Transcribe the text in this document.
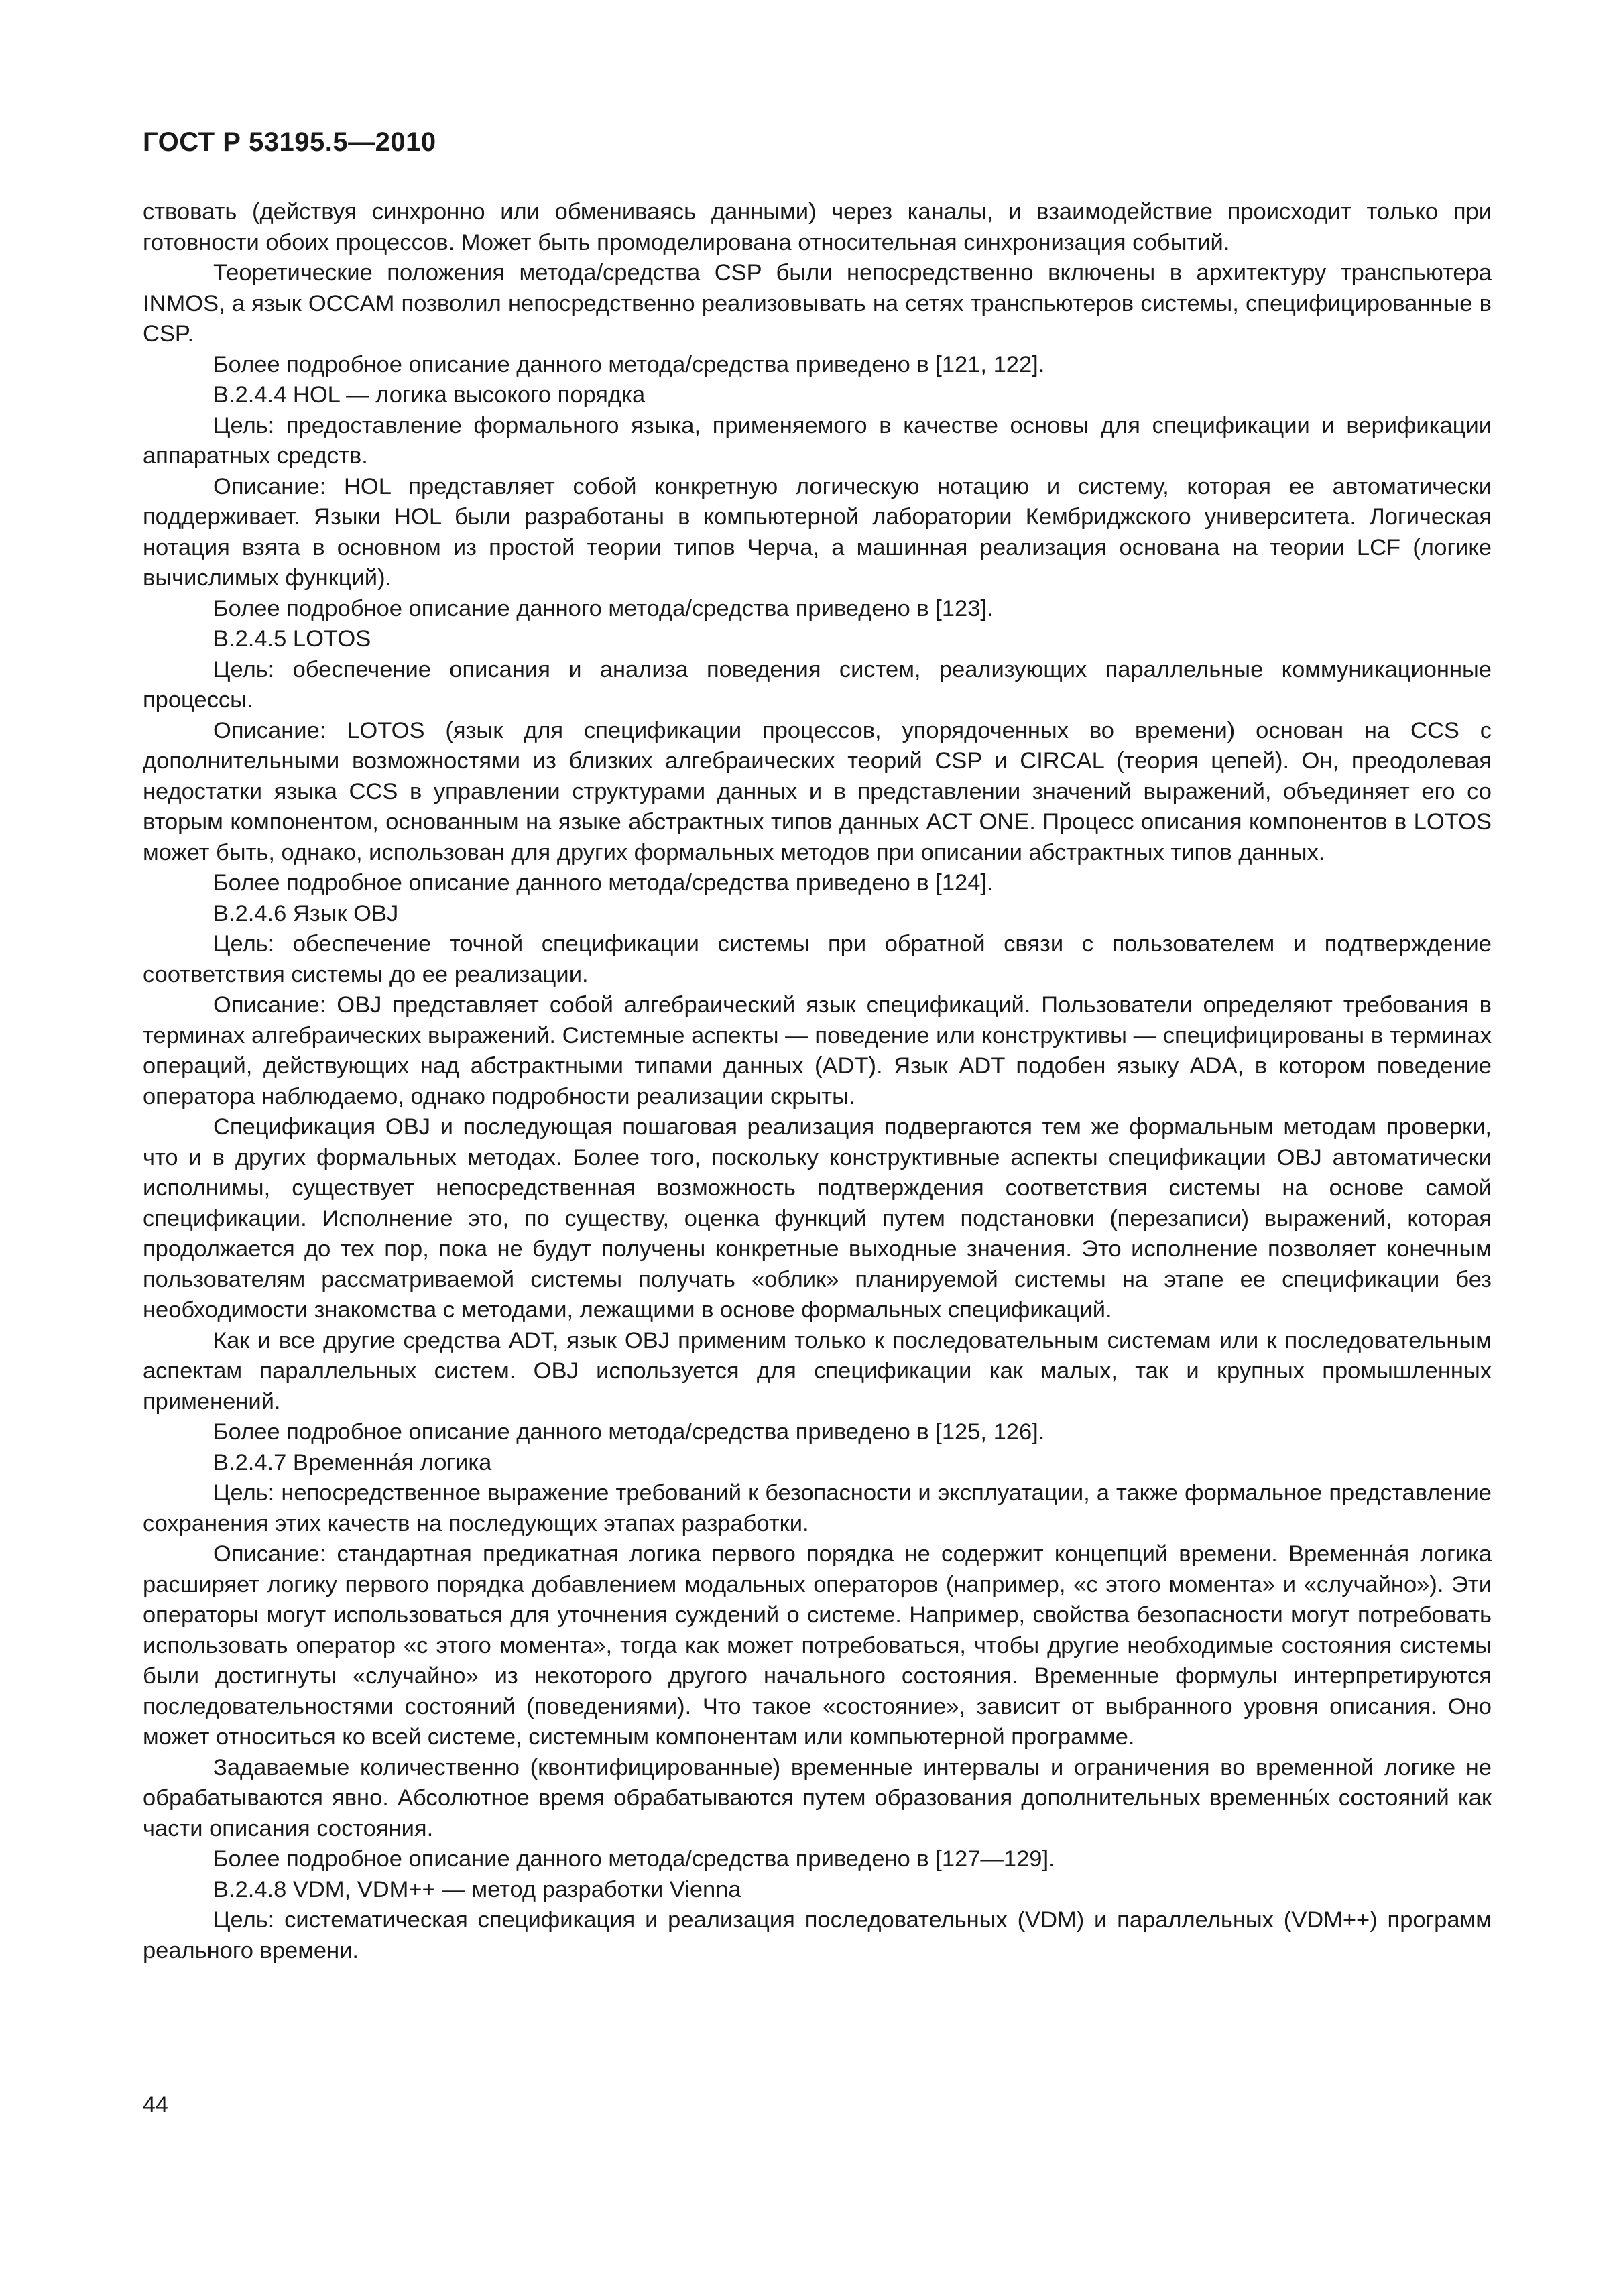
ГОСТ Р 53195.5—2010

ствовать (действуя синхронно или обмениваясь данными) через каналы, и взаимодействие происходит только при готовности обоих процессов. Может быть промоделирована относительная синхронизация событий.

Теоретические положения метода/средства CSP были непосредственно включены в архитектуру транспьютера INMOS, а язык OCCAM позволил непосредственно реализовывать на сетях транспьютеров системы, специфицированные в CSP.

Более подробное описание данного метода/средства приведено в [121, 122].

В.2.4.4 HOL — логика высокого порядка

Цель: предоставление формального языка, применяемого в качестве основы для спецификации и верификации аппаратных средств.

Описание: HOL представляет собой конкретную логическую нотацию и систему, которая ее автоматически поддерживает. Языки HOL были разработаны в компьютерной лаборатории Кембриджского университета. Логическая нотация взята в основном из простой теории типов Черча, а машинная реализация основана на теории LCF (логике вычислимых функций).

Более подробное описание данного метода/средства приведено в [123].

В.2.4.5 LOTOS

Цель: обеспечение описания и анализа поведения систем, реализующих параллельные коммуникационные процессы.

Описание: LOTOS (язык для спецификации процессов, упорядоченных во времени) основан на CCS с дополнительными возможностями из близких алгебраических теорий CSP и CIRCAL (теория цепей). Он, преодолевая недостатки языка CCS в управлении структурами данных и в представлении значений выражений, объединяет его со вторым компонентом, основанным на языке абстрактных типов данных ACT ONE. Процесс описания компонентов в LOTOS может быть, однако, использован для других формальных методов при описании абстрактных типов данных.

Более подробное описание данного метода/средства приведено в [124].

В.2.4.6 Язык OBJ

Цель: обеспечение точной спецификации системы при обратной связи с пользователем и подтверждение соответствия системы до ее реализации.

Описание: OBJ представляет собой алгебраический язык спецификаций. Пользователи определяют требования в терминах алгебраических выражений. Системные аспекты — поведение или конструктивы — специфицированы в терминах операций, действующих над абстрактными типами данных (ADT). Язык ADT подобен языку ADA, в котором поведение оператора наблюдаемо, однако подробности реализации скрыты.

Спецификация OBJ и последующая пошаговая реализация подвергаются тем же формальным методам проверки, что и в других формальных методах. Более того, поскольку конструктивные аспекты спецификации OBJ автоматически исполнимы, существует непосредственная возможность подтверждения соответствия системы на основе самой спецификации. Исполнение это, по существу, оценка функций путем подстановки (перезаписи) выражений, которая продолжается до тех пор, пока не будут получены конкретные выходные значения. Это исполнение позволяет конечным пользователям рассматриваемой системы получать «облик» планируемой системы на этапе ее спецификации без необходимости знакомства с методами, лежащими в основе формальных спецификаций.

Как и все другие средства ADT, язык OBJ применим только к последовательным системам или к последовательным аспектам параллельных систем. OBJ используется для спецификации как малых, так и крупных промышленных применений.

Более подробное описание данного метода/средства приведено в [125, 126].

В.2.4.7 Временна́я логика

Цель: непосредственное выражение требований к безопасности и эксплуатации, а также формальное представление сохранения этих качеств на последующих этапах разработки.

Описание: стандартная предикатная логика первого порядка не содержит концепций времени. Временна́я логика расширяет логику первого порядка добавлением модальных операторов (например, «с этого момента» и «случайно»). Эти операторы могут использоваться для уточнения суждений о системе. Например, свойства безопасности могут потребовать использовать оператор «с этого момента», тогда как может потребоваться, чтобы другие необходимые состояния системы были достигнуты «случайно» из некоторого другого начального состояния. Временные формулы интерпретируются последовательностями состояний (поведениями). Что такое «состояние», зависит от выбранного уровня описания. Оно может относиться ко всей системе, системным компонентам или компьютерной программе.

Задаваемые количественно (квонтифицированные) временные интервалы и ограничения во временной логике не обрабатываются явно. Абсолютное время обрабатываются путем образования дополнительных временны́х состояний как части описания состояния.

Более подробное описание данного метода/средства приведено в [127—129].

В.2.4.8 VDM, VDM++ — метод разработки Vienna

Цель: систематическая спецификация и реализация последовательных (VDM) и параллельных (VDM++) программ реального времени.

44
